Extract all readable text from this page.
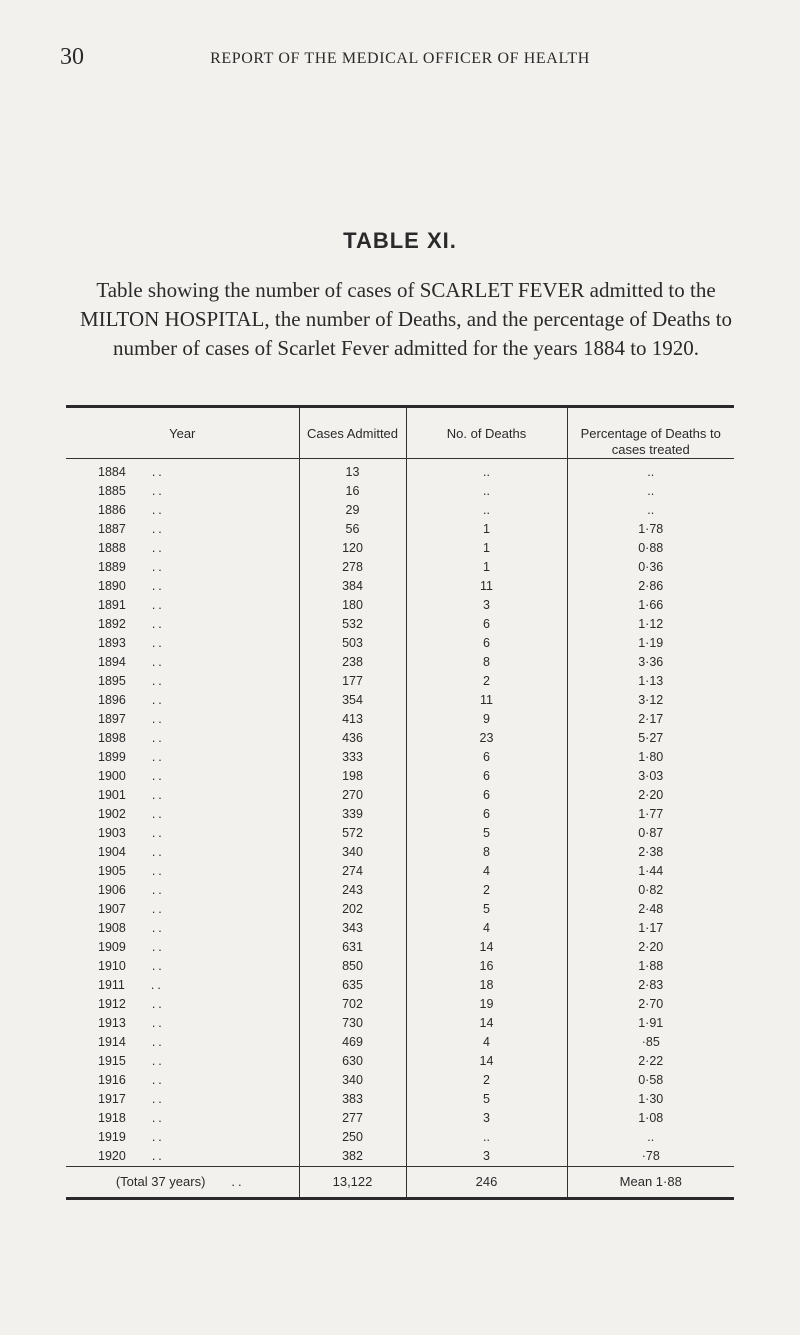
30	REPORT OF THE MEDICAL OFFICER OF HEALTH
TABLE XI.
Table showing the number of cases of SCARLET FEVER admitted to the MILTON HOSPITAL, the number of Deaths, and the percentage of Deaths to number of cases of Scarlet Fever admitted for the years 1884 to 1920.
Year	Cases Admitted	No. of Deaths	Percentage of Deaths to cases treated
1884 ..	13	..	..
1885 ..	16	..	..
1886 ..	29	..	..
1887 ..	56	1	1·78
1888 ..	120	1	0·88
1889 ..	278	1	0·36
1890 ..	384	11	2·86
1891 ..	180	3	1·66
1892 ..	532	6	1·12
1893 ..	503	6	1·19
1894 ..	238	8	3·36
1895 ..	177	2	1·13
1896 ..	354	11	3·12
1897 ..	413	9	2·17
1898 ..	436	23	5·27
1899 ..	333	6	1·80
1900 ..	198	6	3·03
1901 ..	270	6	2·20
1902 ..	339	6	1·77
1903 ..	572	5	0·87
1904 ..	340	8	2·38
1905 ..	274	4	1·44
1906 ..	243	2	0·82
1907 ..	202	5	2·48
1908 ..	343	4	1·17
1909 ..	631	14	2·20
1910 ..	850	16	1·88
1911 ..	635	18	2·83
1912 ..	702	19	2·70
1913 ..	730	14	1·91
1914 ..	469	4	·85
1915 ..	630	14	2·22
1916 ..	340	2	0·58
1917 ..	383	5	1·30
1918 ..	277	3	1·08
1919 ..	250	..	..
1920 ..	382	3	·78
(Total 37 years) ..	13,122	246	Mean 1·88
